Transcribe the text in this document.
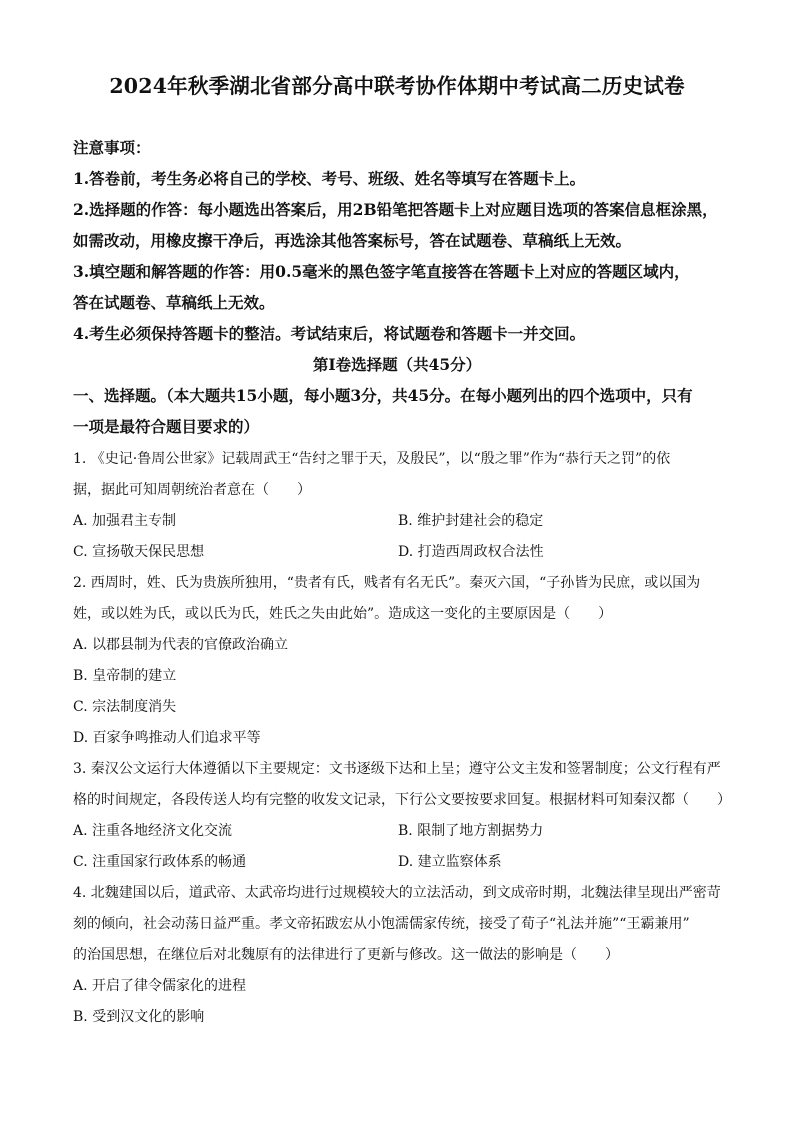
2024年秋季湖北省部分高中联考协作体期中考试高二历史试卷
注意事项：
1.答卷前，考生务必将自己的学校、考号、班级、姓名等填写在答题卡上。
2.选择题的作答：每小题选出答案后，用2B铅笔把答题卡上对应题目选项的答案信息框涂黑，
如需改动，用橡皮擦干净后，再选涂其他答案标号，答在试题卷、草稿纸上无效。
3.填空题和解答题的作答：用0.5毫米的黑色签字笔直接答在答题卡上对应的答题区域内，
答在试题卷、草稿纸上无效。
4.考生必须保持答题卡的整洁。考试结束后，将试题卷和答题卡一并交回。
第Ⅰ卷选择题（共45分）
一、选择题。（本大题共15小题，每小题3分，共45分。在每小题列出的四个选项中，只有
一项是最符合题目要求的）
1. 《史记·鲁周公世家》记载周武王“告纣之罪于天，及殷民”，以“殷之罪”作为“恭行天之罚”的依
据，据此可知周朝统治者意在（　　）
A. 加强君主专制	B. 维护封建社会的稳定
C. 宣扬敬天保民思想	D. 打造西周政权合法性
2. 西周时，姓、氏为贵族所独用，“贵者有氏，贱者有名无氏”。秦灭六国，“子孙皆为民庶，或以国为
姓，或以姓为氏，或以氏为氏，姓氏之失由此始”。造成这一变化的主要原因是（　　）
A. 以郡县制为代表的官僚政治确立
B. 皇帝制的建立
C. 宗法制度消失
D. 百家争鸣推动人们追求平等
3. 秦汉公文运行大体遵循以下主要规定：文书逐级下达和上呈；遵守公文主发和签署制度；公文行程有严
格的时间规定，各段传送人均有完整的收发文记录，下行公文要按要求回复。根据材料可知秦汉都（　　）
A. 注重各地经济文化交流	B. 限制了地方割据势力
C. 注重国家行政体系的畅通	D. 建立监察体系
4. 北魏建国以后，道武帝、太武帝均进行过规模较大的立法活动，到文成帝时期，北魏法律呈现出严密苛
刻的倾向，社会动荡日益严重。孝文帝拓跋宏从小饱濡儒家传统，接受了荀子“礼法并施”“王霸兼用”
的治国思想，在继位后对北魏原有的法律进行了更新与修改。这一做法的影响是（　　）
A. 开启了律令儒家化的进程
B. 受到汉文化的影响
